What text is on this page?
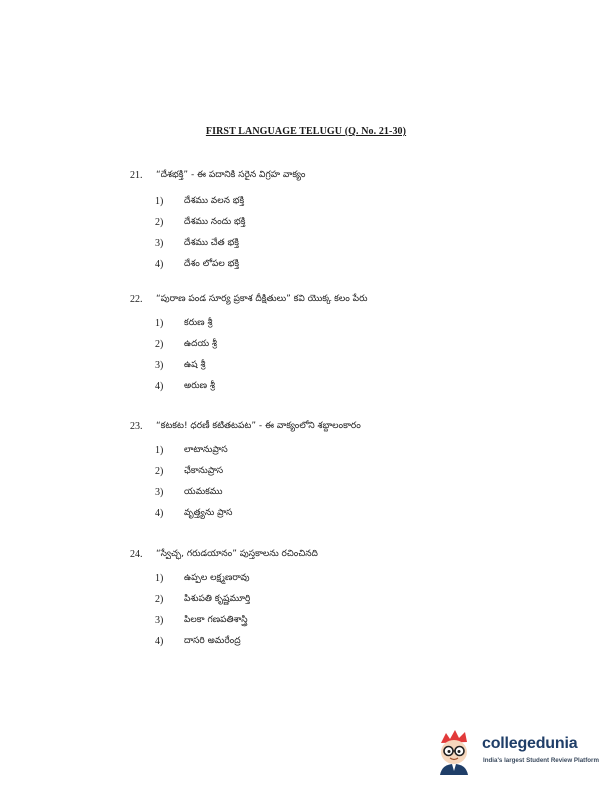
FIRST LANGUAGE TELUGU (Q. No. 21-30)
21. “దేశభక్తి” - ఈ పదానికి సరైన విగ్రహ వాక్యం
1) దేశము వలన భక్తి
2) దేశము నందు భక్తి
3) దేశము చేత భక్తి
4) దేశం లోపల భక్తి
22. “పురాణ పండ సూర్య ప్రకాశ దీక్షితులు” కవి యొక్క కలం పేరు
1) కరుణ శ్రీ
2) ఉదయ శ్రీ
3) ఉష శ్రీ
4) అరుణ శ్రీ
23. “కటకట! ధరణీ కటితటపట” - ఈ వాక్యంలోని శబ్దాలంకారం
1) లాటానుప్రాస
2) ఛేకానుప్రాస
3) యమకము
4) వృత్త్యను ప్రాస
24. “స్వేచ్ఛ, గరుడయానం” పుస్తకాలను రచించినది
1) ఉప్పల లక్ష్మణరావు
2) పిశుపతి కృష్ణమూర్తి
3) పిలకా గణపతిశాస్త్రి
4) దాసరి అమరేంద్ర
collegedunia
India's largest Student Review Platform
